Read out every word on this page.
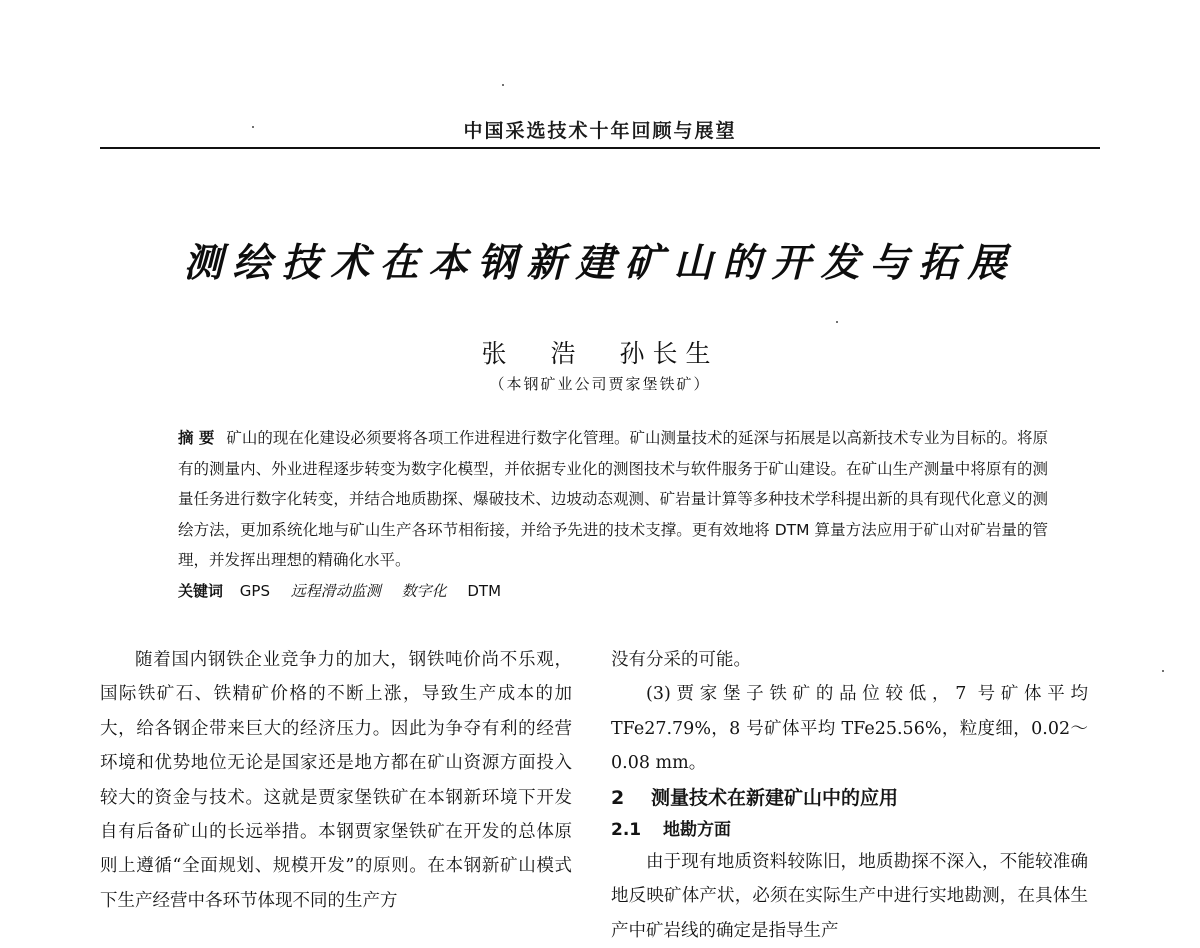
中国采选技术十年回顾与展望
测绘技术在本钢新建矿山的开发与拓展
张 浩 孙长生
（本钢矿业公司贾家堡铁矿）
摘 要 矿山的现在化建设必须要将各项工作进程进行数字化管理。矿山测量技术的延深与拓展是以高新技术专业为目标的。将原有的测量内、外业进程逐步转变为数字化模型，并依据专业化的测图技术与软件服务于矿山建设。在矿山生产测量中将原有的测量任务进行数字化转变，并结合地质勘探、爆破技术、边坡动态观测、矿岩量计算等多种技术学科提出新的具有现代化意义的测绘方法，更加系统化地与矿山生产各环节相衔接，并给予先进的技术支撑。更有效地将 DTM 算量方法应用于矿山对矿岩量的管理，并发挥出理想的精确化水平。
关键词 GPS 远程滑动监测 数字化 DTM

随着国内钢铁企业竞争力的加大，钢铁吨价尚不乐观，国际铁矿石、铁精矿价格的不断上涨，导致生产成本的加大，给各钢企带来巨大的经济压力。因此为争夺有利的经营环境和优势地位无论是国家还是地方都在矿山资源方面投入较大的资金与技术。这就是贾家堡铁矿在本钢新环境下开发自有后备矿山的长远举措。本钢贾家堡铁矿在开发的总体原则上遵循“全面规划、规模开发”的原则。在本钢新矿山模式下生产经营中各环节体现不同的生产方

没有分采的可能。

(3)贾家堡子铁矿的品位较低，7 号矿体平均 TFe27.79%，8 号矿体平均 TFe25.56%，粒度细，0.02～0.08 mm。

2 测量技术在新建矿山中的应用

2.1 地勘方面

由于现有地质资料较陈旧，地质勘探不深入，不能较准确地反映矿体产状，必须在实际生产中进行实地勘测，在具体生产中矿岩线的确定是指导生产
